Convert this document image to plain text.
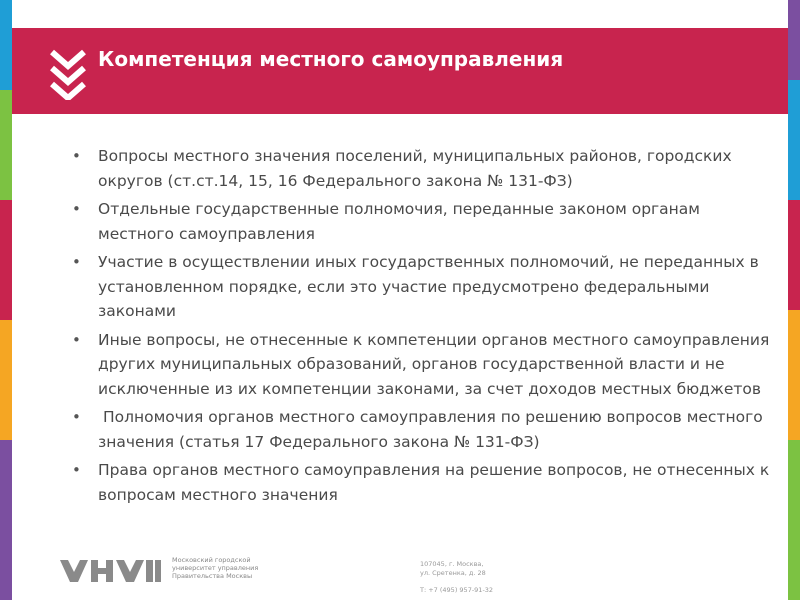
Компетенция местного самоуправления
• Вопросы местного значения поселений, муниципальных районов, городских округов (ст.ст.14, 15, 16 Федерального закона № 131-ФЗ)
• Отдельные государственные полномочия, переданные законом органам местного самоуправления
• Участие в осуществлении иных государственных полномочий, не переданных в установленном порядке, если это участие предусмотрено федеральными законами
• Иные вопросы, не отнесенные к компетенции органов местного самоуправления других муниципальных образований, органов государственной власти и не исключенные из их компетенции законами, за счет доходов местных бюджетов
• Полномочия органов местного самоуправления по решению вопросов местного значения (статья 17 Федерального закона № 131-ФЗ)
• Права органов местного самоуправления на решение вопросов, не отнесенных к вопросам местного значения
Московский городской
университет управления
Правительства Москвы
107045, г. Москва,
ул. Сретенка, д. 28
Т: +7 (495) 957-91-32
